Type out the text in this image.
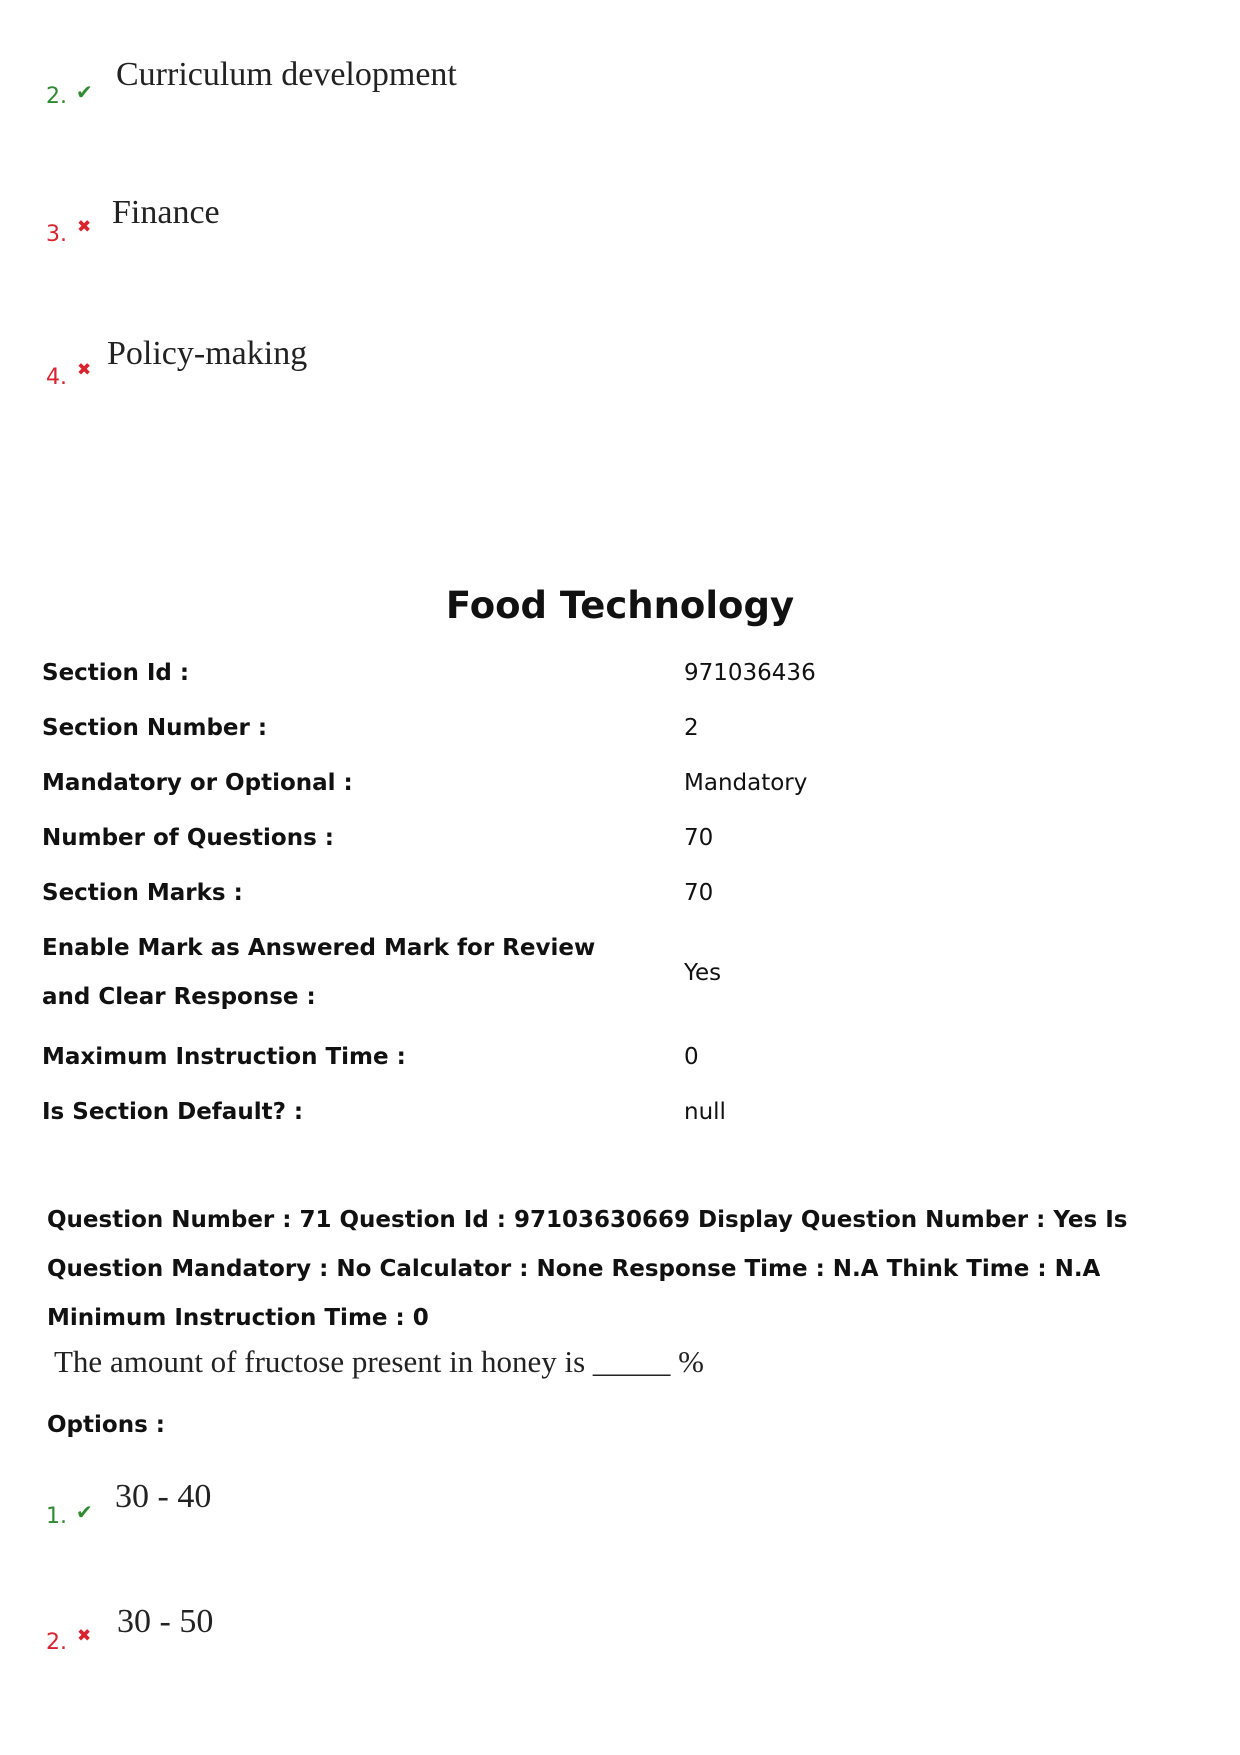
2. ✔ Curriculum development
3. ✖ Finance
4. ✖ Policy-making
Food Technology
Section Id :	971036436
Section Number :	2
Mandatory or Optional :	Mandatory
Number of Questions :	70
Section Marks :	70
Enable Mark as Answered Mark for Review and Clear Response :
Yes
Maximum Instruction Time :	0
Is Section Default? :	null
Question Number : 71 Question Id : 97103630669 Display Question Number : Yes Is Question Mandatory : No Calculator : None Response Time : N.A Think Time : N.A Minimum Instruction Time : 0
The amount of fructose present in honey is _____ %
Options :
1. ✔ 30 - 40
2. ✖ 30 - 50
